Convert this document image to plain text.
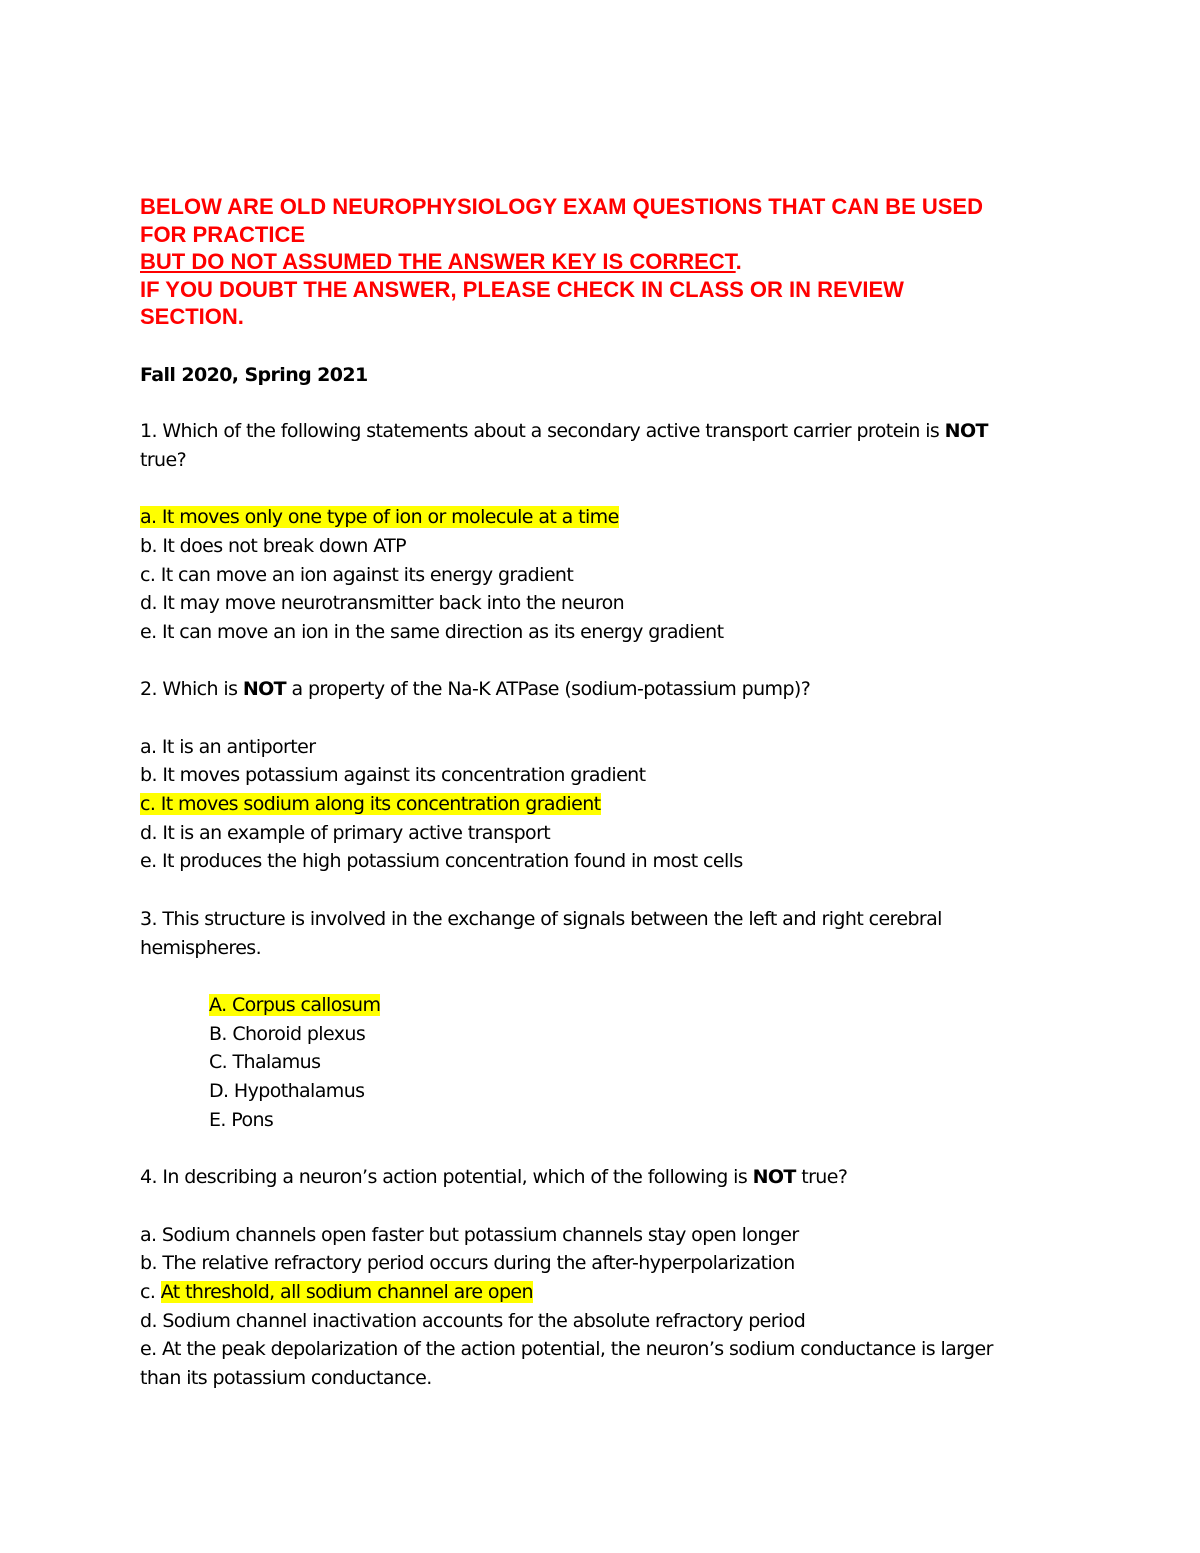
BELOW ARE OLD NEUROPHYSIOLOGY EXAM QUESTIONS THAT CAN BE USED
FOR PRACTICE
BUT DO NOT ASSUMED THE ANSWER KEY IS CORRECT.
IF YOU DOUBT THE ANSWER, PLEASE CHECK IN CLASS OR IN REVIEW
SECTION.
Fall 2020, Spring 2021
1. Which of the following statements about a secondary active transport carrier protein is NOT
true?
a. It moves only one type of ion or molecule at a time
b. It does not break down ATP
c. It can move an ion against its energy gradient
d. It may move neurotransmitter back into the neuron
e. It can move an ion in the same direction as its energy gradient
2. Which is NOT a property of the Na-K ATPase (sodium-potassium pump)?
a. It is an antiporter
b. It moves potassium against its concentration gradient
c. It moves sodium along its concentration gradient
d. It is an example of primary active transport
e. It produces the high potassium concentration found in most cells
3. This structure is involved in the exchange of signals between the left and right cerebral
hemispheres.
A. Corpus callosum
B. Choroid plexus
C. Thalamus
D. Hypothalamus
E. Pons
4. In describing a neuron’s action potential, which of the following is NOT true?
a. Sodium channels open faster but potassium channels stay open longer
b. The relative refractory period occurs during the after-hyperpolarization
c. At threshold, all sodium channel are open
d. Sodium channel inactivation accounts for the absolute refractory period
e. At the peak depolarization of the action potential, the neuron’s sodium conductance is larger
than its potassium conductance.
